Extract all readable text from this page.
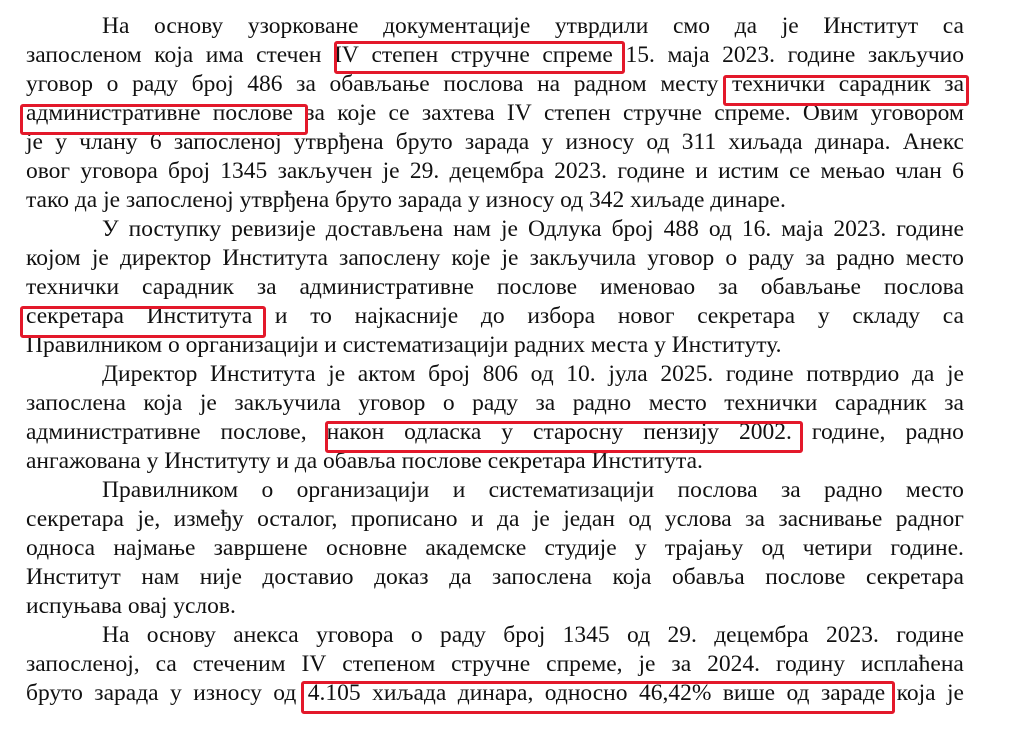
На основу узорковане документације утврдили смо да је Институт са
запосленом која има стечен IV степен стручне спреме 15. маја 2023. године закључио
уговор о раду број 486 за обављање послова на радном месту технички сарадник за
административне послове за које се захтева IV степен стручне спреме. Овим уговором
је у члану 6 запосленој утврђена бруто зарада у износу од 311 хиљада динара. Анекс
овог уговора број 1345 закључен је 29. децембра 2023. године и истим се мењао члан 6
тако да је запосленој утврђена бруто зарада у износу од 342 хиљаде динаре.
У поступку ревизије достављена нам је Одлука број 488 од 16. маја 2023. године
којом је директор Института запослену које је закључила уговор о раду за радно место
технички сарадник за административне послове именовао за обављање послова
секретара Института и то најкасније до избора новог секретара у складу са
Правилником о организацији и систематизацији радних места у Институту.
Директор Института је актом број 806 од 10. јула 2025. године потврдио да је
запослена која је закључила уговор о раду за радно место технички сарадник за
административне послове, након одласка у старосну пензију 2002. године, радно
ангажована у Институту и да обавља послове секретара Института.
Правилником о организацији и систематизацији послова за радно место
секретара је, између осталог, прописано и да је један од услова за заснивање радног
односа најмање завршене основне академске студије у трајању од четири године.
Институт нам није доставио доказ да запослена која обавља послове секретара
испуњава овај услов.
На основу анекса уговора о раду број 1345 од 29. децембра 2023. године
запосленој, са стеченим IV степеном стручне спреме, је за 2024. годину исплаћена
бруто зарада у износу од 4.105 хиљада динара, односно 46,42% више од зараде која је
